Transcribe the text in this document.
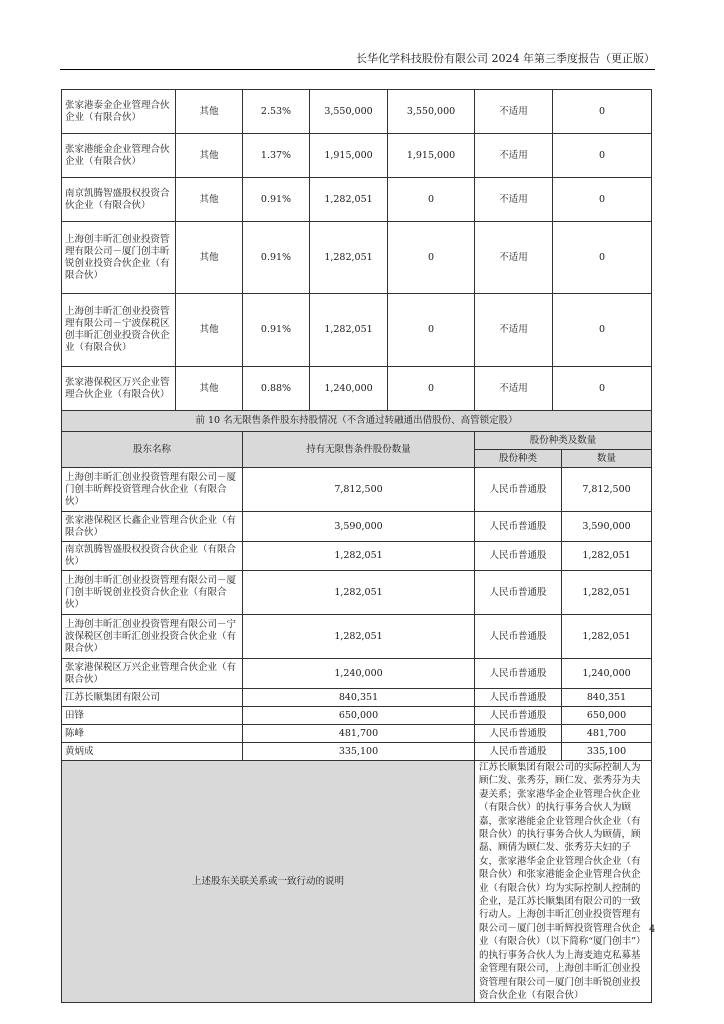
长华化学科技股份有限公司 2024 年第三季度报告（更正版）
张家港泰金企业管理合伙企业（有限合伙）	其他	2.53%	3,550,000	3,550,000	不适用	0
张家港能金企业管理合伙企业（有限合伙）	其他	1.37%	1,915,000	1,915,000	不适用	0
南京凯腾智盛股权投资合伙企业（有限合伙）	其他	0.91%	1,282,051	0	不适用	0
上海创丰昕汇创业投资管理有限公司－厦门创丰昕锐创业投资合伙企业（有限合伙）	其他	0.91%	1,282,051	0	不适用	0
上海创丰昕汇创业投资管理有限公司－宁波保税区创丰昕汇创业投资合伙企业（有限合伙）	其他	0.91%	1,282,051	0	不适用	0
张家港保税区万兴企业管理合伙企业（有限合伙）	其他	0.88%	1,240,000	0	不适用	0
前 10 名无限售条件股东持股情况（不含通过转融通出借股份、高管锁定股）			
股东名称	持有无限售条件股份数量	股份种类及数量	
		股份种类	数量
上海创丰昕汇创业投资管理有限公司－厦门创丰昕辉投资管理合伙企业（有限合伙）	7,812,500	人民币普通股	7,812,500
张家港保税区长鑫企业管理合伙企业（有限合伙）	3,590,000	人民币普通股	3,590,000
南京凯腾智盛股权投资合伙企业（有限合伙）	1,282,051	人民币普通股	1,282,051
上海创丰昕汇创业投资管理有限公司－厦门创丰昕锐创业投资合伙企业（有限合伙）	1,282,051	人民币普通股	1,282,051
上海创丰昕汇创业投资管理有限公司－宁波保税区创丰昕汇创业投资合伙企业（有限合伙）	1,282,051	人民币普通股	1,282,051
张家港保税区万兴企业管理合伙企业（有限合伙）	1,240,000	人民币普通股	1,240,000
江苏长顺集团有限公司	840,351	人民币普通股	840,351
田锋	650,000	人民币普通股	650,000
陈峰	481,700	人民币普通股	481,700
黄炳成	335,100	人民币普通股	335,100
上述股东关联关系或一致行动的说明		江苏长顺集团有限公司的实际控制人为顾仁发、张秀芬，顾仁发、张秀芬为夫妻关系；张家港华金企业管理合伙企业（有限合伙）的执行事务合伙人为顾嘉，张家港能金企业管理合伙企业（有限合伙）的执行事务合伙人为顾倩，顾磊、顾倩为顾仁发、张秀芬夫妇的子女，张家港华金企业管理合伙企业（有限合伙）和张家港能金企业管理合伙企业（有限合伙）均为实际控制人控制的企业，是江苏长顺集团有限公司的一致行动人。上海创丰昕汇创业投资管理有限公司－厦门创丰昕辉投资管理合伙企业（有限合伙）（以下简称“厦门创丰”）的执行事务合伙人为上海麦迪克私募基金管理有限公司，上海创丰昕汇创业投资管理有限公司－厦门创丰昕锐创业投资合伙企业（有限合伙）	
4
